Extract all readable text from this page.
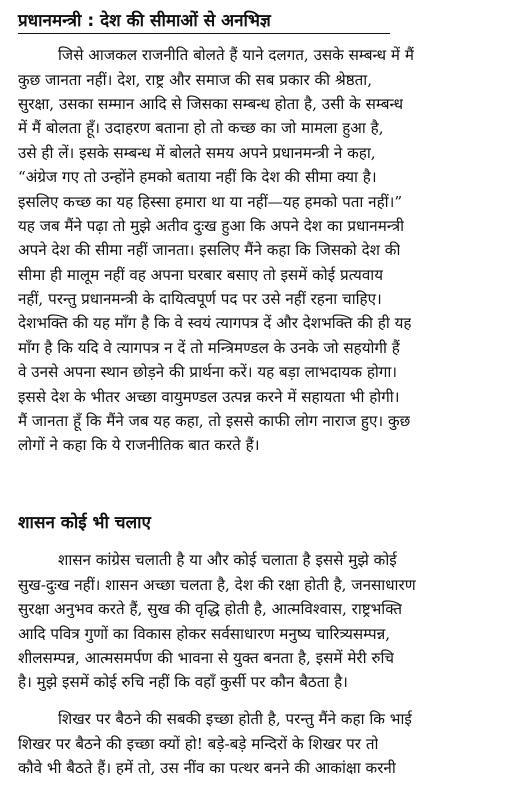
प्रधानमन्त्री : देश की सीमाओं से अनभिज्ञ
जिसे आजकल राजनीति बोलते हैं याने दलगत, उसके सम्बन्ध में मैं
कुछ जानता नहीं। देश, राष्ट्र और समाज की सब प्रकार की श्रेष्ठता,
सुरक्षा, उसका सम्मान आदि से जिसका सम्बन्ध होता है, उसी के सम्बन्ध
में मैं बोलता हूँ। उदाहरण बताना हो तो कच्छ का जो मामला हुआ है,
उसे ही लें। इसके सम्बन्ध में बोलते समय अपने प्रधानमन्त्री ने कहा,
“अंग्रेज गए तो उन्होंने हमको बताया नहीं कि देश की सीमा क्या है।
इसलिए कच्छ का यह हिस्सा हमारा था या नहीं—यह हमको पता नहीं।”
यह जब मैंने पढ़ा तो मुझे अतीव दुःख हुआ कि अपने देश का प्रधानमन्त्री
अपने देश की सीमा नहीं जानता। इसलिए मैंने कहा कि जिसको देश की
सीमा ही मालूम नहीं वह अपना घरबार बसाए तो इसमें कोई प्रत्यवाय
नहीं, परन्तु प्रधानमन्त्री के दायित्वपूर्ण पद पर उसे नहीं रहना चाहिए।
देशभक्ति की यह माँग है कि वे स्वयं त्यागपत्र दें और देशभक्ति की ही यह
माँग है कि यदि वे त्यागपत्र न दें तो मन्त्रिमण्डल के उनके जो सहयोगी हैं
वे उनसे अपना स्थान छोड़ने की प्रार्थना करें। यह बड़ा लाभदायक होगा।
इससे देश के भीतर अच्छा वायुमण्डल उत्पन्न करने में सहायता भी होगी।
मैं जानता हूँ कि मैंने जब यह कहा, तो इससे काफी लोग नाराज हुए। कुछ
लोगों ने कहा कि ये राजनीतिक बात करते हैं।
शासन कोई भी चलाए
शासन कांग्रेस चलाती है या और कोई चलाता है इससे मुझे कोई
सुख-दुःख नहीं। शासन अच्छा चलता है, देश की रक्षा होती है, जनसाधारण
सुरक्षा अनुभव करते हैं, सुख की वृद्धि होती है, आत्मविश्वास, राष्ट्रभक्ति
आदि पवित्र गुणों का विकास होकर सर्वसाधारण मनुष्य चारित्र्यसम्पन्न,
शीलसम्पन्न, आत्मसमर्पण की भावना से युक्त बनता है, इसमें मेरी रुचि
है। मुझे इसमें कोई रुचि नहीं कि वहाँ कुर्सी पर कौन बैठता है।
शिखर पर बैठने की सबकी इच्छा होती है, परन्तु मैंने कहा कि भाई
शिखर पर बैठने की इच्छा क्यों हो! बड़े-बड़े मन्दिरों के शिखर पर तो
कौवे भी बैठते हैं। हमें तो, उस नींव का पत्थर बनने की आकांक्षा करनी
